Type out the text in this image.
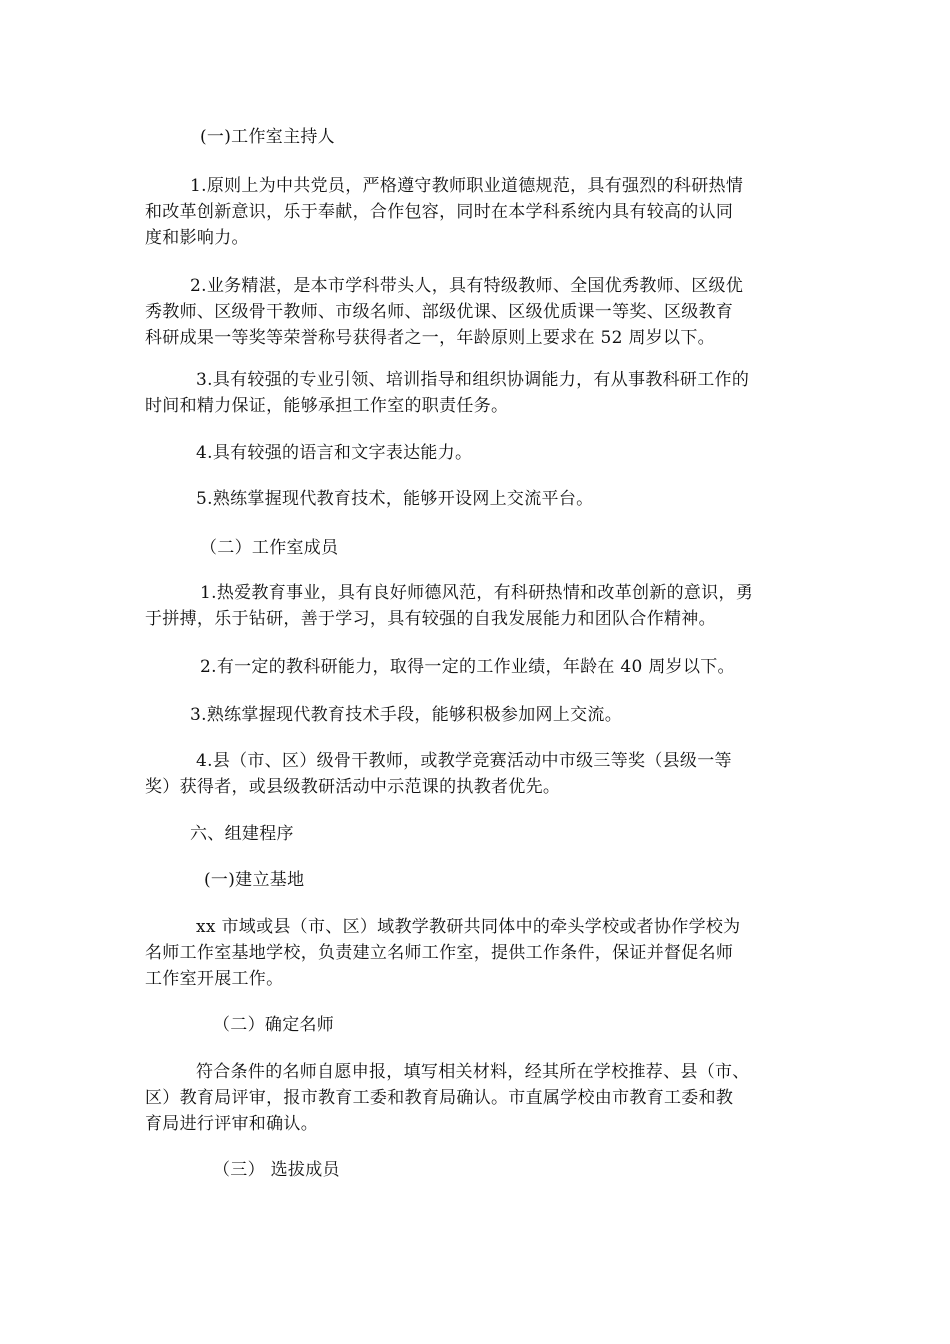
(一)工作室主持人
1.原则上为中共党员，严格遵守教师职业道德规范，具有强烈的科研热情
和改革创新意识，乐于奉献，合作包容，同时在本学科系统内具有较高的认同
度和影响力。
2.业务精湛，是本市学科带头人，具有特级教师、全国优秀教师、区级优
秀教师、区级骨干教师、市级名师、部级优课、区级优质课一等奖、区级教育
科研成果一等奖等荣誉称号获得者之一，年龄原则上要求在 52 周岁以下。
3.具有较强的专业引领、培训指导和组织协调能力，有从事教科研工作的
时间和精力保证，能够承担工作室的职责任务。
4.具有较强的语言和文字表达能力。
5.熟练掌握现代教育技术，能够开设网上交流平台。
（二）工作室成员
1.热爱教育事业，具有良好师德风范，有科研热情和改革创新的意识，勇
于拼搏，乐于钻研，善于学习，具有较强的自我发展能力和团队合作精神。
2.有一定的教科研能力，取得一定的工作业绩，年龄在 40 周岁以下。
3.熟练掌握现代教育技术手段，能够积极参加网上交流。
4.县（市、区）级骨干教师，或教学竞赛活动中市级三等奖（县级一等
奖）获得者，或县级教研活动中示范课的执教者优先。
六、组建程序
(一)建立基地
xx 市域或县（市、区）域教学教研共同体中的牵头学校或者协作学校为
名师工作室基地学校，负责建立名师工作室，提供工作条件，保证并督促名师
工作室开展工作。
（二）确定名师
符合条件的名师自愿申报，填写相关材料，经其所在学校推荐、县（市、
区）教育局评审，报市教育工委和教育局确认。市直属学校由市教育工委和教
育局进行评审和确认。
（三） 选拔成员
